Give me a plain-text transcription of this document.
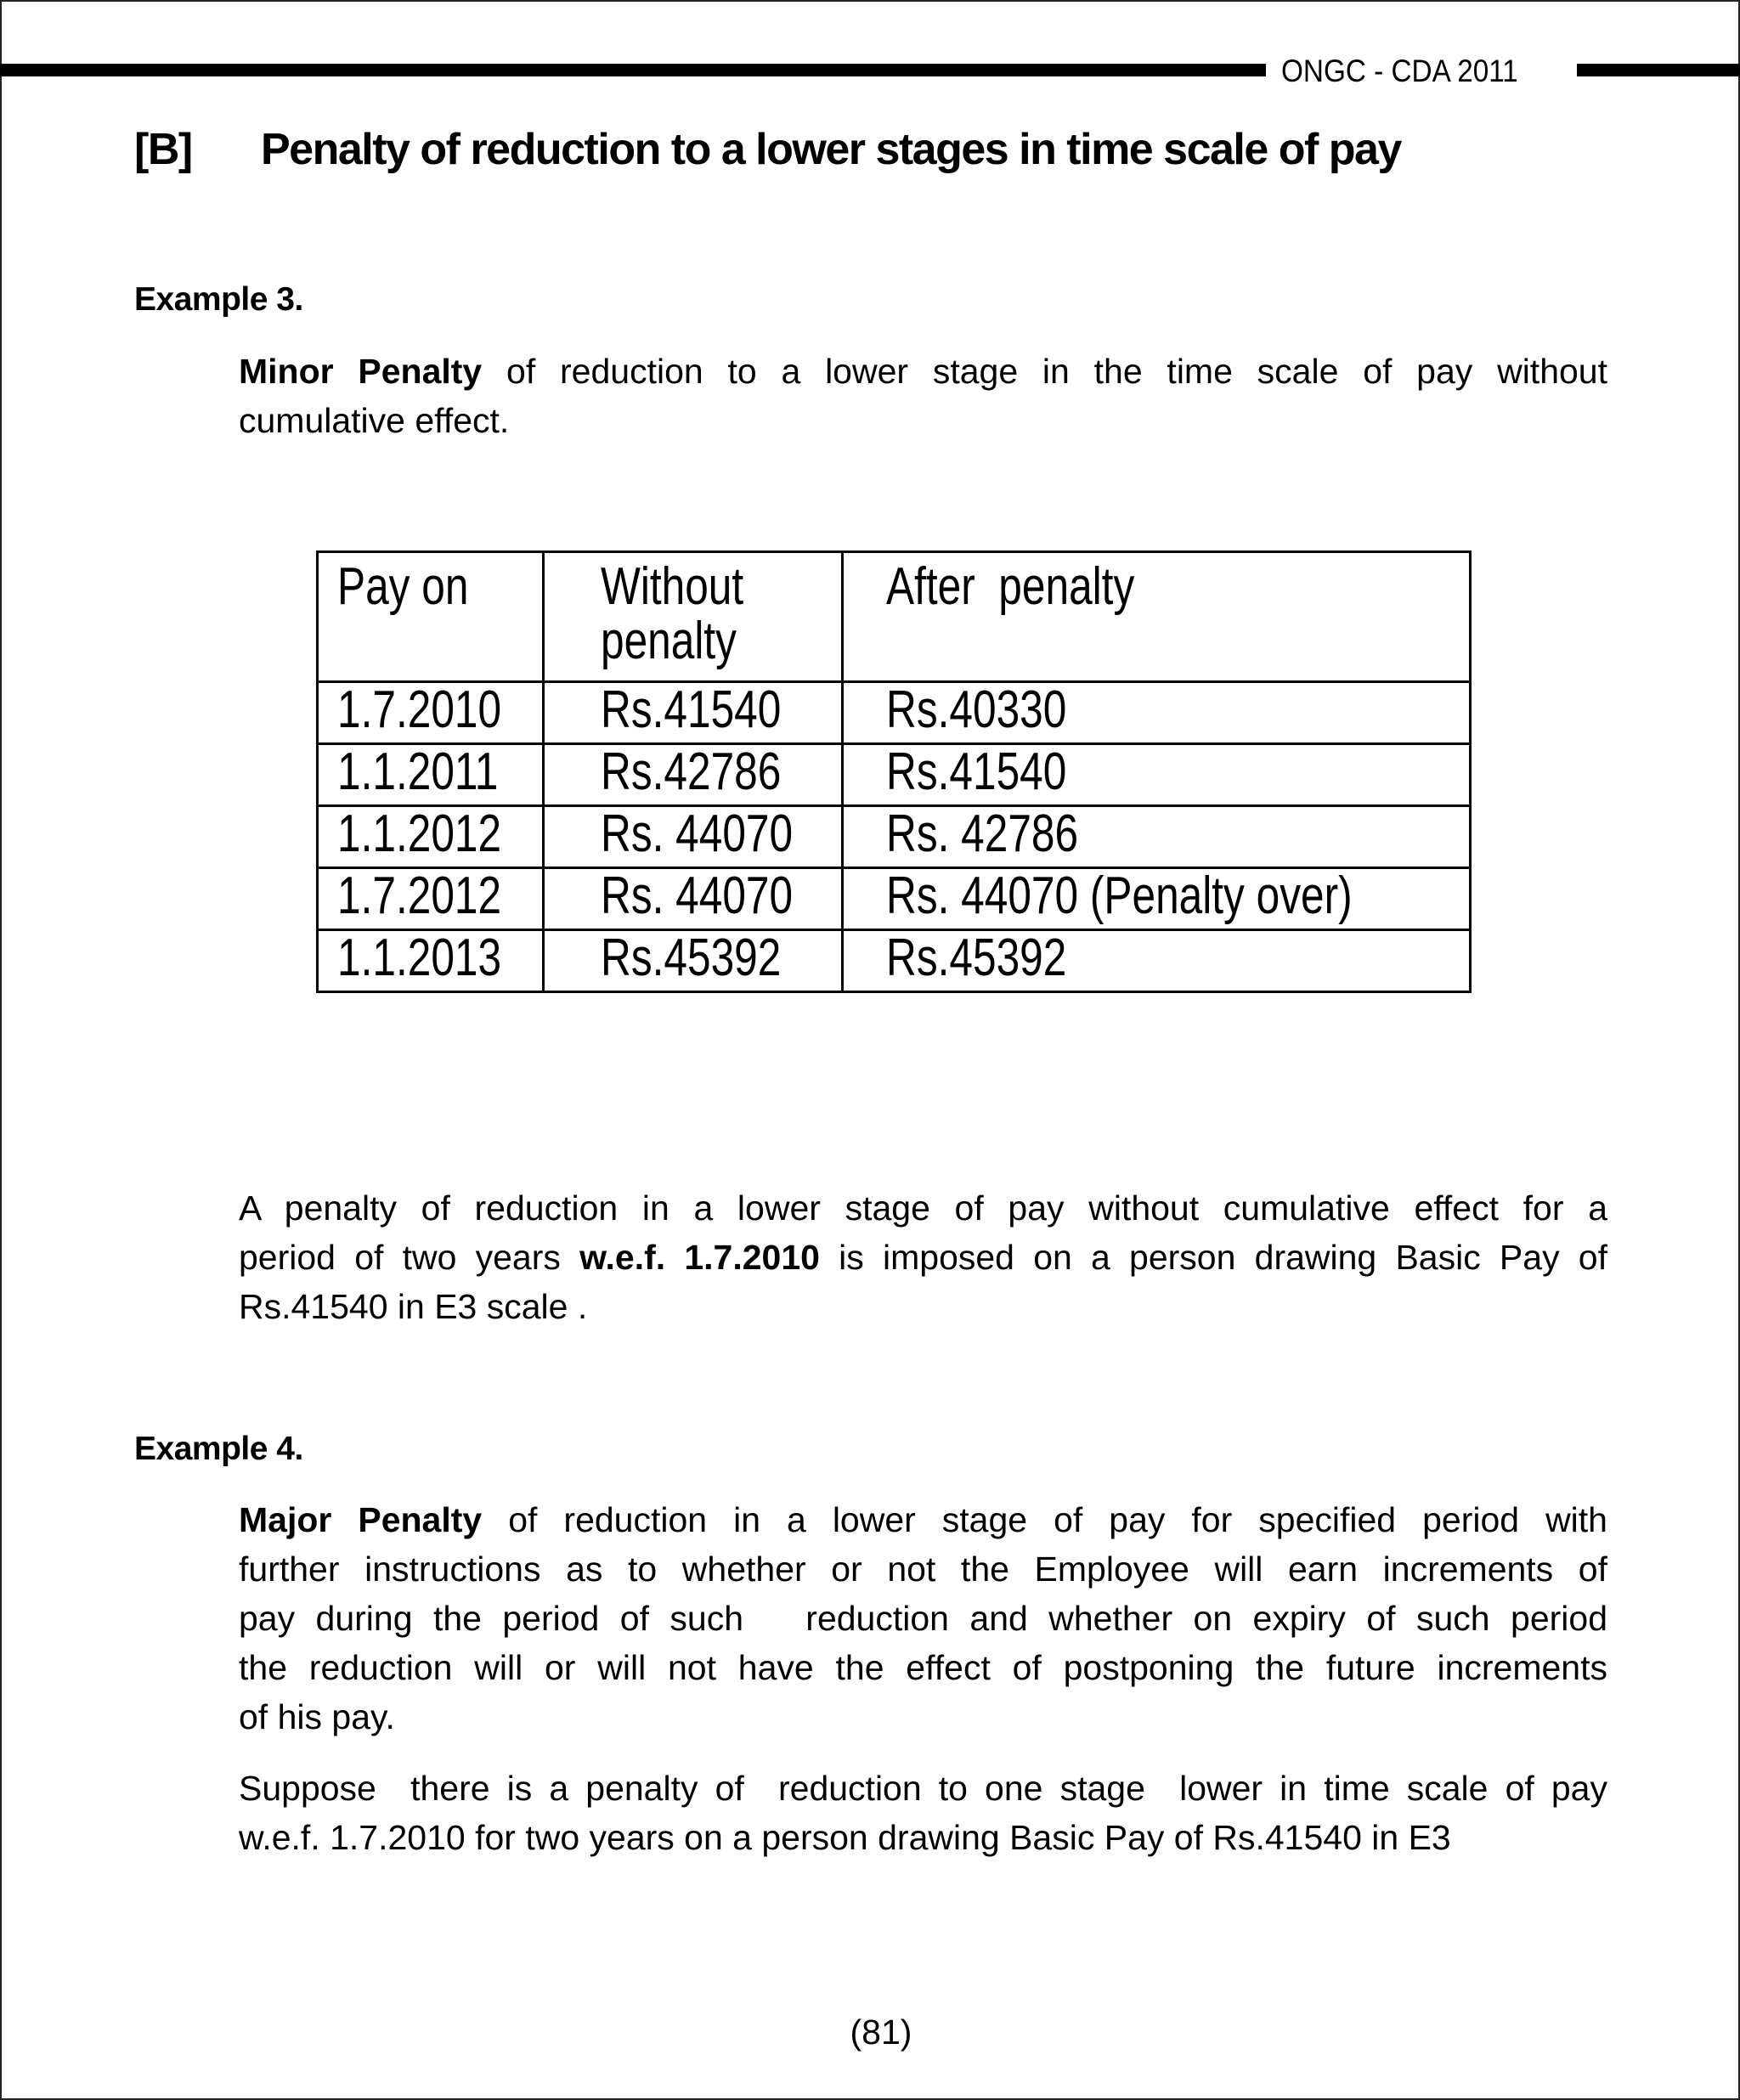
ONGC - CDA 2011
[B] Penalty of reduction to a lower stages in time scale of pay
Example 3.
Minor Penalty of reduction to a lower stage in the time scale of pay without
cumulative effect.
Pay on	Without penalty	After  penalty
1.7.2010	Rs.41540	Rs.40330
1.1.2011	Rs.42786	Rs.41540
1.1.2012	Rs. 44070	Rs. 42786
1.7.2012	Rs. 44070	Rs. 44070 (Penalty over)
1.1.2013	Rs.45392	Rs.45392
A penalty of reduction in a lower stage of pay without cumulative effect for a
period of two years w.e.f. 1.7.2010 is imposed on a person drawing Basic Pay of
Rs.41540 in E3 scale .
Example 4.
Major Penalty of reduction in a lower stage of pay for specified period with
further instructions as to whether or not the Employee will earn increments of
pay during the period of such   reduction and whether on expiry of such period
the reduction will or will not have the effect of postponing the future increments
of his pay.
Suppose  there is a penalty of  reduction to one stage  lower in time scale of pay
w.e.f. 1.7.2010 for two years on a person drawing Basic Pay of Rs.41540 in E3
(81)
